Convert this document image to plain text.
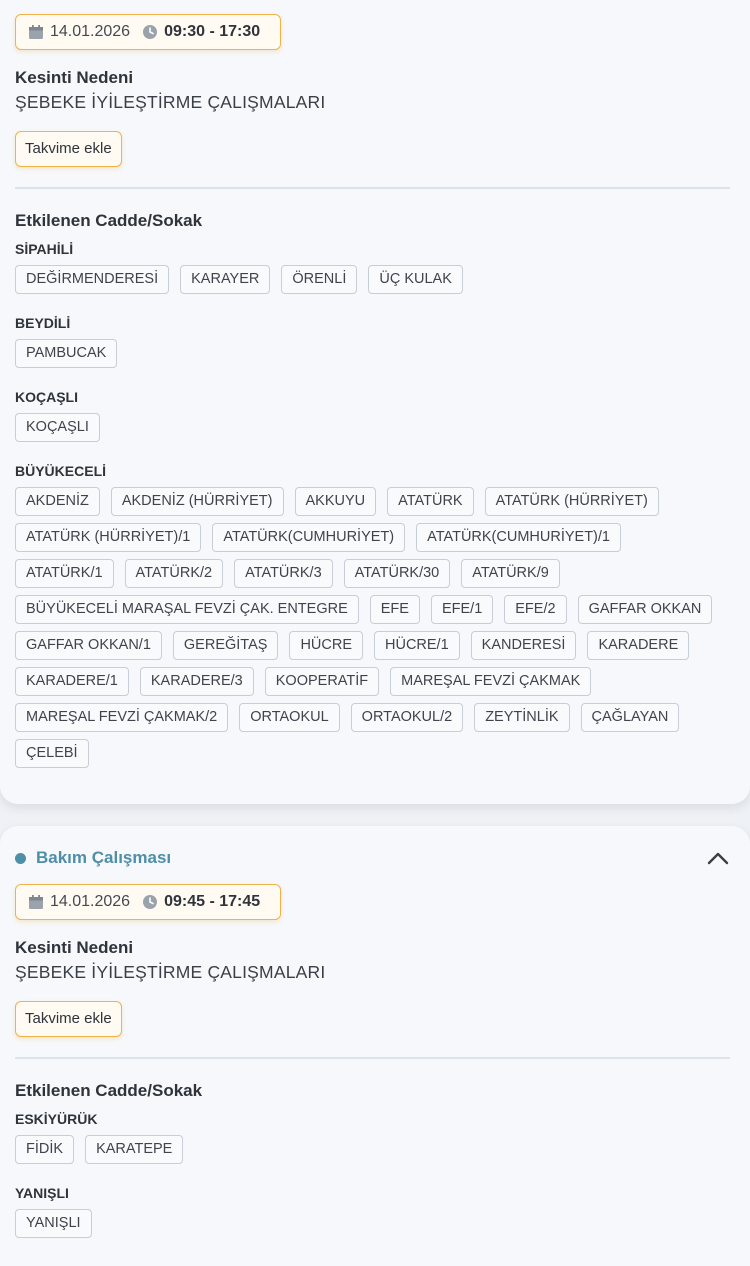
14.01.2026 09:30 - 17:30
Kesinti Nedeni
ŞEBEKE İYİLEŞTİRME ÇALIŞMALARI
Takvime ekle
Etkilenen Cadde/Sokak
SİPAHİLİ
DEĞİRMENDERESİ	KARAYER	ÖRENLİ	ÜÇ KULAK
BEYDİLİ
PAMBUCAK
KOÇAŞLI
KOÇAŞLI
BÜYÜKECELİ
AKDENİZ	AKDENİZ (HÜRRİYET)	AKKUYU	ATATÜRK	ATATÜRK (HÜRRİYET)
ATATÜRK (HÜRRİYET)/1	ATATÜRK(CUMHURİYET)	ATATÜRK(CUMHURİYET)/1
ATATÜRK/1	ATATÜRK/2	ATATÜRK/3	ATATÜRK/30	ATATÜRK/9
BÜYÜKECELİ MARAŞAL FEVZİ ÇAK. ENTEGRE	EFE	EFE/1	EFE/2	GAFFAR OKKAN
GAFFAR OKKAN/1	GEREĞİTAŞ	HÜCRE	HÜCRE/1	KANDERESİ	KARADERE
KARADERE/1	KARADERE/3	KOOPERATİF	MAREŞAL FEVZİ ÇAKMAK
MAREŞAL FEVZİ ÇAKMAK/2	ORTAOKUL	ORTAOKUL/2	ZEYTİNLİK	ÇAĞLAYAN
ÇELEBİ
Bakım Çalışması
14.01.2026 09:45 - 17:45
Kesinti Nedeni
ŞEBEKE İYİLEŞTİRME ÇALIŞMALARI
Takvime ekle
Etkilenen Cadde/Sokak
ESKİYÜRÜK
FİDİK	KARATEPE
YANIŞLI
YANIŞLI
